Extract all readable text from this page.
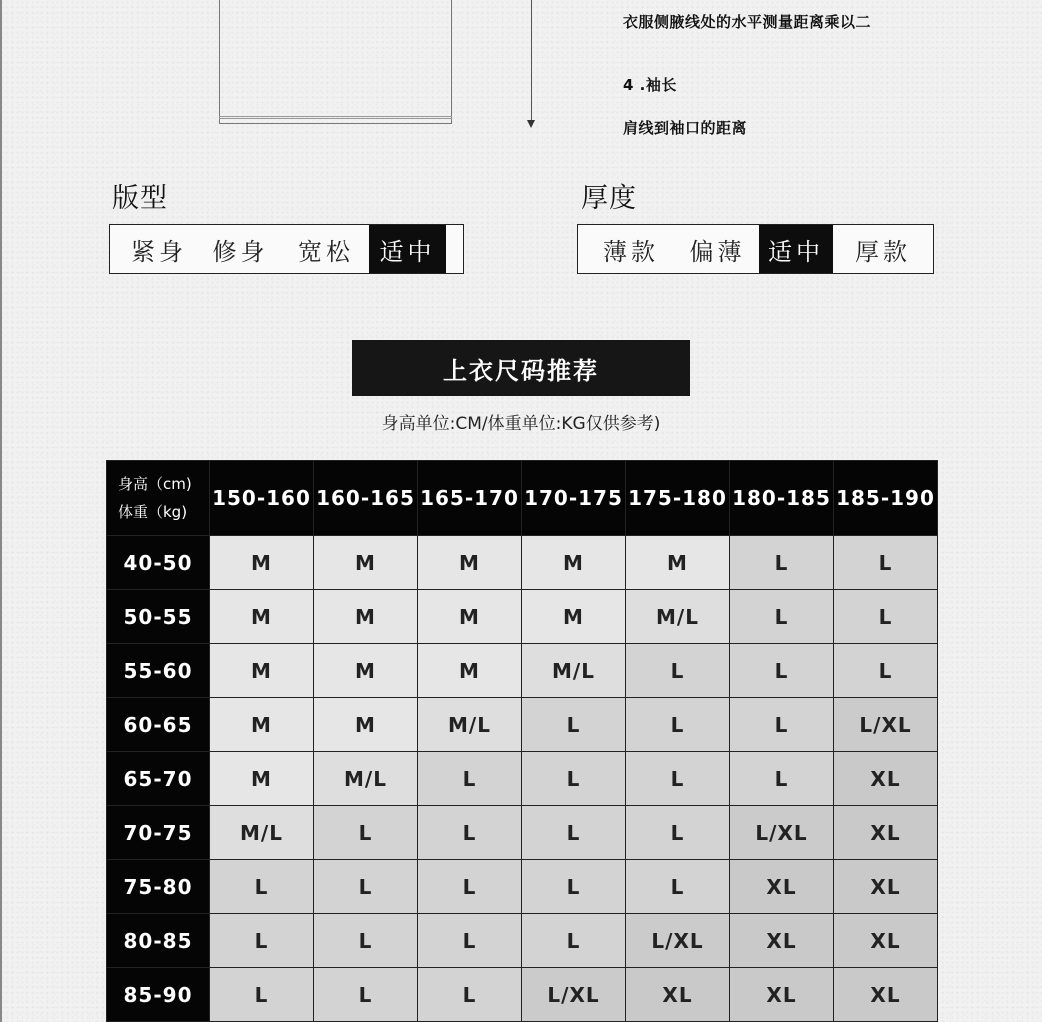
衣服侧腋线处的水平测量距离乘以二
4 .袖长
肩线到袖口的距离
版型
紧身	修身	宽松	适中
厚度
薄款	偏薄 适中	厚款
上衣尺码推荐
身高单位:CM/体重单位:KG仅供参考)
身高（cm)
体重（kg)	150-160	160-165	165-170	170-175	175-180	180-185	185-190
40-50	M	M	M	M	M	L	L
50-55	M	M	M	M	M/L	L	L
55-60	M	M	M	M/L	L	L	L
60-65	M	M	M/L	L	L	L	L/XL
65-70	M	M/L	L	L	L	L	XL
70-75	M/L	L	L	L	L	L/XL	XL
75-80	L	L	L	L	L	XL	XL
80-85	L	L	L	L	L/XL	XL	XL
85-90	L	L	L	L/XL	XL	XL	XL
